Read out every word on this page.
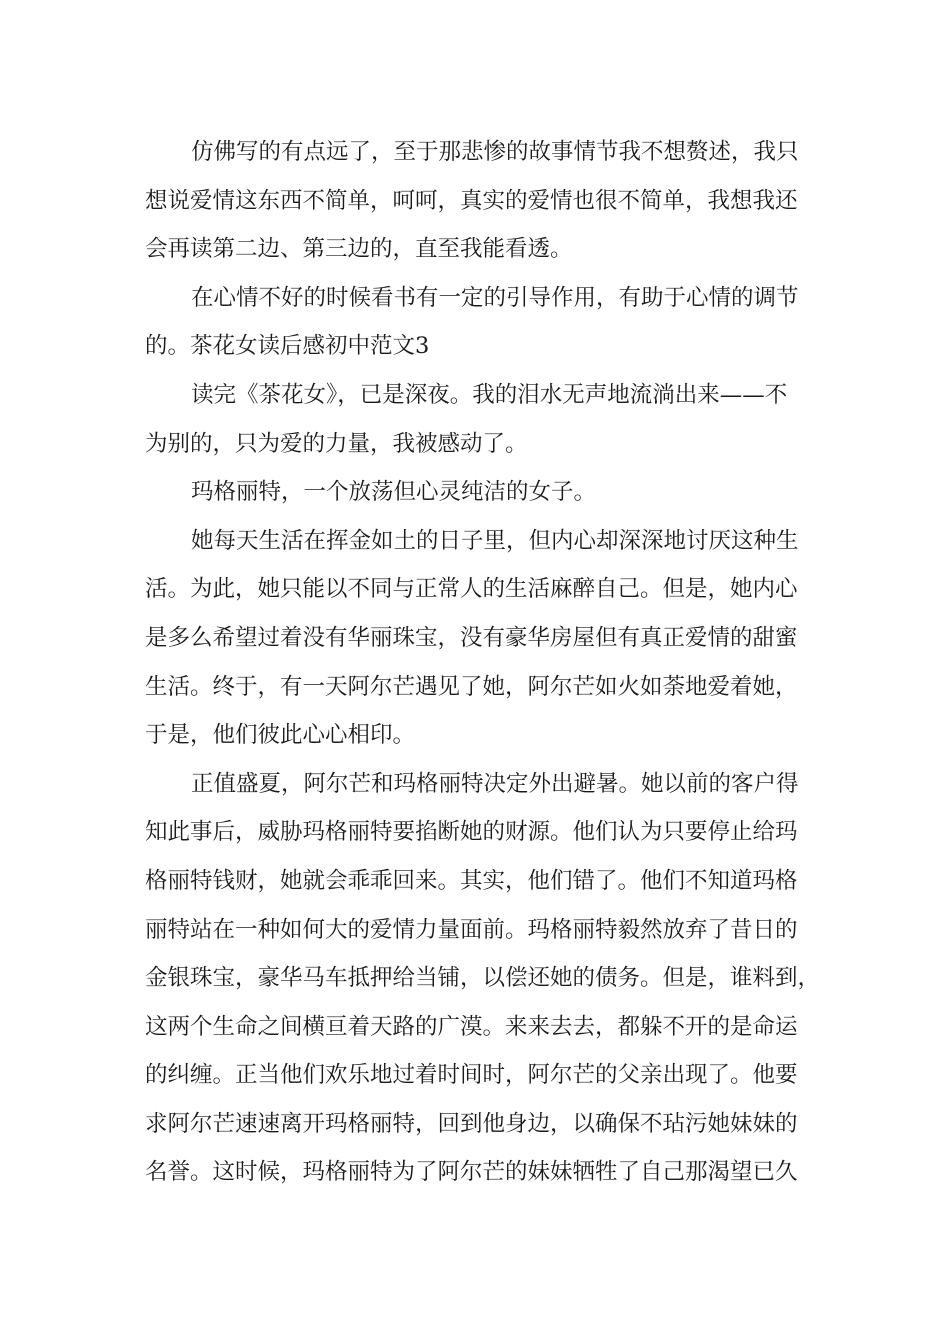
仿佛写的有点远了，至于那悲惨的故事情节我不想赘述，我只
想说爱情这东西不简单，呵呵，真实的爱情也很不简单，我想我还
会再读第二边、第三边的，直至我能看透。
在心情不好的时候看书有一定的引导作用，有助于心情的调节
的。茶花女读后感初中范文3
读完《茶花女》，已是深夜。我的泪水无声地流淌出来——不
为别的，只为爱的力量，我被感动了。
玛格丽特，一个放荡但心灵纯洁的女子。
她每天生活在挥金如土的日子里，但内心却深深地讨厌这种生
活。为此，她只能以不同与正常人的生活麻醉自己。但是，她内心
是多么希望过着没有华丽珠宝，没有豪华房屋但有真正爱情的甜蜜
生活。终于，有一天阿尔芒遇见了她，阿尔芒如火如荼地爱着她，
于是，他们彼此心心相印。
正值盛夏，阿尔芒和玛格丽特决定外出避暑。她以前的客户得
知此事后，威胁玛格丽特要掐断她的财源。他们认为只要停止给玛
格丽特钱财，她就会乖乖回来。其实，他们错了。他们不知道玛格
丽特站在一种如何大的爱情力量面前。玛格丽特毅然放弃了昔日的
金银珠宝，豪华马车抵押给当铺，以偿还她的债务。但是，谁料到，
这两个生命之间横亘着天路的广漠。来来去去，都躲不开的是命运
的纠缠。正当他们欢乐地过着时间时，阿尔芒的父亲出现了。他要
求阿尔芒速速离开玛格丽特，回到他身边，以确保不玷污她妹妹的
名誉。这时候，玛格丽特为了阿尔芒的妹妹牺牲了自己那渴望已久
